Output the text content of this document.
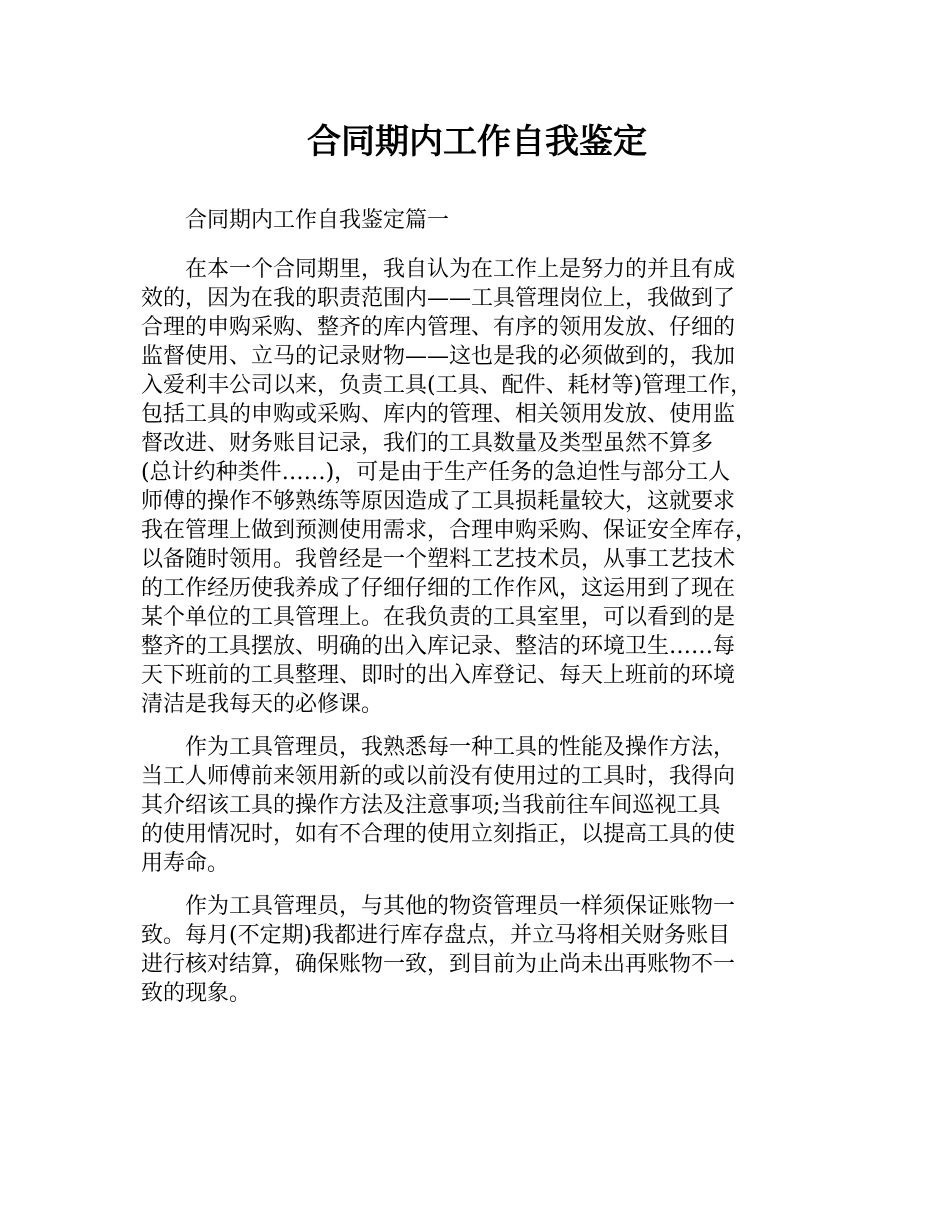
合同期内工作自我鉴定

合同期内工作自我鉴定篇一

在本一个合同期里，我自认为在工作上是努力的并且有成
效的，因为在我的职责范围内——工具管理岗位上，我做到了
合理的申购采购、整齐的库内管理、有序的领用发放、仔细的
监督使用、立马的记录财物——这也是我的必须做到的，我加
入爱利丰公司以来，负责工具(工具、配件、耗材等)管理工作，
包括工具的申购或采购、库内的管理、相关领用发放、使用监
督改进、财务账目记录，我们的工具数量及类型虽然不算多
(总计约种类件……)，可是由于生产任务的急迫性与部分工人
师傅的操作不够熟练等原因造成了工具损耗量较大，这就要求
我在管理上做到预测使用需求，合理申购采购、保证安全库存，
以备随时领用。我曾经是一个塑料工艺技术员，从事工艺技术
的工作经历使我养成了仔细仔细的工作作风，这运用到了现在
某个单位的工具管理上。在我负责的工具室里，可以看到的是
整齐的工具摆放、明确的出入库记录、整洁的环境卫生……每
天下班前的工具整理、即时的出入库登记、每天上班前的环境
清洁是我每天的必修课。

作为工具管理员，我熟悉每一种工具的性能及操作方法，
当工人师傅前来领用新的或以前没有使用过的工具时，我得向
其介绍该工具的操作方法及注意事项;当我前往车间巡视工具
的使用情况时，如有不合理的使用立刻指正，以提高工具的使
用寿命。

作为工具管理员，与其他的物资管理员一样须保证账物一
致。每月(不定期)我都进行库存盘点，并立马将相关财务账目
进行核对结算，确保账物一致，到目前为止尚未出再账物不一
致的现象。
